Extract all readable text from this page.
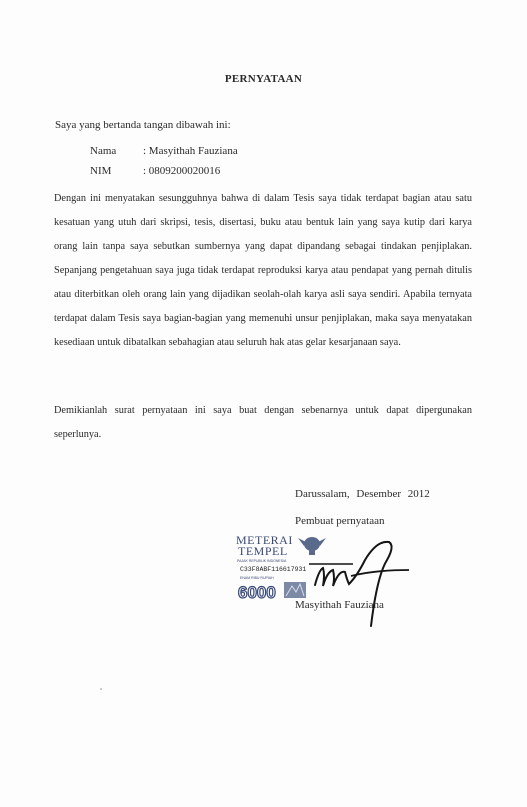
PERNYATAAN
Saya yang bertanda tangan dibawah ini:
Nama	: Masyithah Fauziana
NIM	: 0809200020016
Dengan ini menyatakan sesungguhnya bahwa di dalam Tesis saya tidak terdapat bagian atau satu kesatuan yang utuh dari skripsi, tesis, disertasi, buku atau bentuk lain yang saya kutip dari karya orang lain tanpa saya sebutkan sumbernya yang dapat dipandang sebagai tindakan penjiplakan. Sepanjang pengetahuan saya juga tidak terdapat reproduksi karya atau pendapat yang pernah ditulis atau diterbitkan oleh orang lain yang dijadikan seolah-olah karya asli saya sendiri. Apabila ternyata terdapat dalam Tesis saya bagian-bagian yang memenuhi unsur penjiplakan, maka saya menyatakan kesediaan untuk dibatalkan sebahagian atau seluruh hak atas gelar kesarjanaan saya.
Demikianlah surat pernyataan ini saya buat dengan sebenarnya untuk dapat dipergunakan seperlunya.
Darussalam, Desember 2012
Pembuat pernyataan
METERAI
TEMPEL
PAJAK REPUBLIK INDONESIA
C33F8ABF116617931
ENAM RIBU RUPIAH
6000
Masyithah Fauziana
